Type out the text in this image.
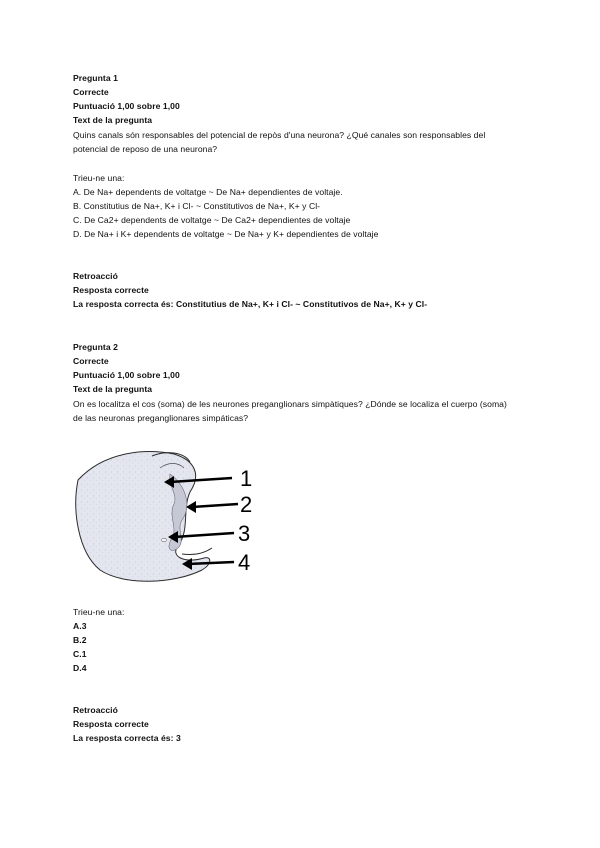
Pregunta 1
Correcte
Puntuació 1,00 sobre 1,00
Text de la pregunta
Quins canals són responsables del potencial de repòs d'una neurona? ¿Qué canales son responsables del
potencial de reposo de una neurona?
Trieu-ne una:
A. De Na+ dependents de voltatge ~ De Na+ dependientes de voltaje.
B. Constitutius de Na+, K+ i Cl- ~ Constitutivos de Na+, K+ y Cl-
C. De Ca2+ dependents de voltatge ~ De Ca2+ dependientes de voltaje
D. De Na+ i K+ dependents de voltatge ~ De Na+ y K+ dependientes de voltaje
Retroacció
Resposta correcte
La resposta correcta és: Constitutius de Na+, K+ i Cl- ~ Constitutivos de Na+, K+ y Cl-
Pregunta 2
Correcte
Puntuació 1,00 sobre 1,00
Text de la pregunta
On es localitza el cos (soma) de les neurones preganglionars simpàtiques? ¿Dónde se localiza el cuerpo (soma)
de las neuronas preganglionares simpáticas?
1
2
3
4
Trieu-ne una:
A.3
B.2
C.1
D.4
Retroacció
Resposta correcte
La resposta correcta és: 3
